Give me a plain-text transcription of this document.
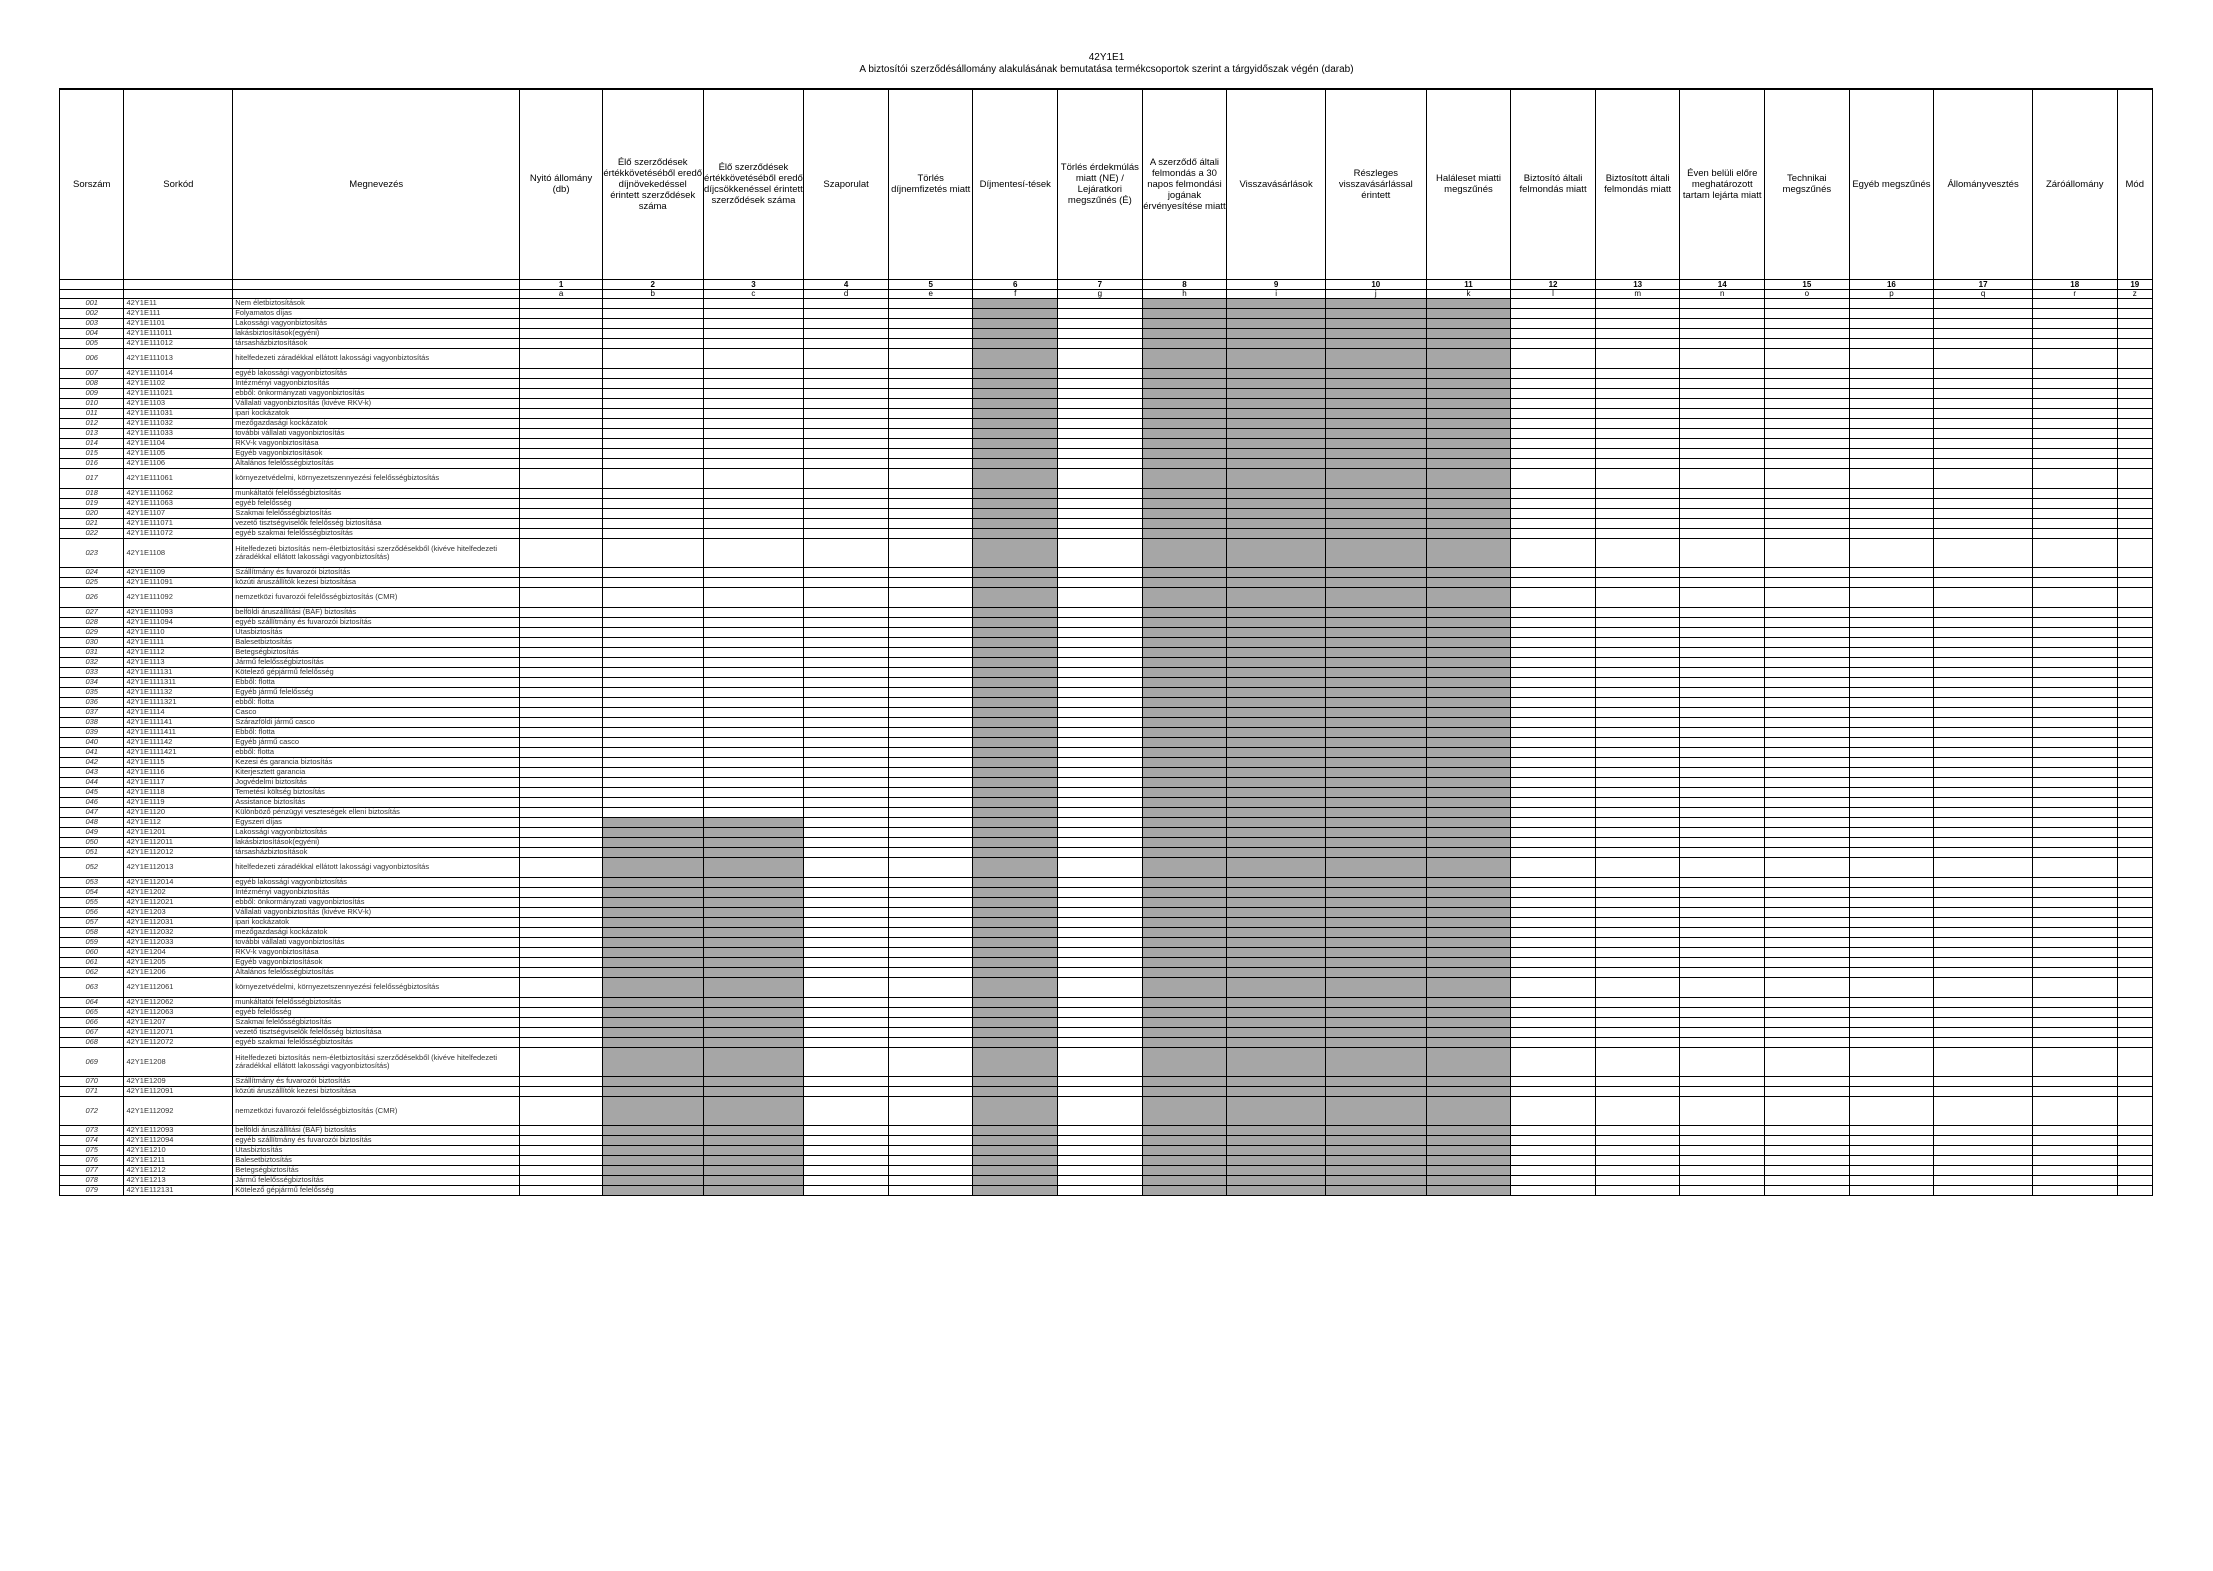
42Y1E1
A biztosítói szerződésállomány alakulásának bemutatása termékcsoportok szerint a tárgyidőszak végén (darab)
Sorszám	Sorkód	Megnevezés	Nyitó állomány (db)	Élő szerződések értékkövetéséből eredő díjnövekedéssel érintett szerződések száma	Élő szerződések értékkövetéséből eredő díjcsökkenéssel érintett szerződések száma	Szaporulat	Törlés díjnemfizetés miatt	Díjmentesí-tések	Törlés érdekmúlás miatt (NE) / Lejáratkori megszűnés (É)	A szerződő általi felmondás a 30 napos felmondási jogának érvényesítése miatt	Visszavásárlások	Részleges visszavásárlással érintett	Haláleset miatti megszűnés	Biztosító általi felmondás miatt	Biztosított általi felmondás miatt	Éven belüli előre meghatározott tartam lejárta miatt	Technikai megszűnés	Egyéb megszűnés	Állományvesztés	Záróállomány	Mód
			1	2	3	4	5	6	7	8	9	10	11	12	13	14	15	16	17	18	19
			a	b	c	d	e	f	g	h	i	j	k	l	m	n	o	p	q	r	z
001	42Y1E11	Nem életbiztosítások																			
002	42Y1E111	Folyamatos díjas																			
003	42Y1E1101	Lakossági vagyonbiztosítás																			
004	42Y1E111011	lakásbiztosítások(egyéni)																			
005	42Y1E111012	társasházbiztosítások																			
006	42Y1E111013	hitelfedezeti záradékkal ellátott lakossági vagyonbiztosítás																			
007	42Y1E111014	egyéb lakossági vagyonbiztosítás																			
008	42Y1E1102	Intézményi vagyonbiztosítás																			
009	42Y1E111021	ebből: önkormányzati vagyonbiztosítás																			
010	42Y1E1103	Vállalati vagyonbiztosítás (kivéve RKV-k)																			
011	42Y1E111031	ipari kockázatok																			
012	42Y1E111032	mezőgazdasági kockázatok																			
013	42Y1E111033	további vállalati vagyonbiztosítás																			
014	42Y1E1104	RKV-k vagyonbiztosítása																			
015	42Y1E1105	Egyéb vagyonbiztosítások																			
016	42Y1E1106	Általános felelősségbiztosítás																			
017	42Y1E111061	környezetvédelmi, környezetszennyezési felelősségbiztosítás																			
018	42Y1E111062	munkáltatói felelősségbiztosítás																			
019	42Y1E111063	egyéb felelősség																			
020	42Y1E1107	Szakmai felelősségbiztosítás																			
021	42Y1E111071	vezető tisztségviselők felelősség biztosítása																			
022	42Y1E111072	egyéb szakmai felelősségbiztosítás																			
023	42Y1E1108	Hitelfedezeti biztosítás nem-életbiztosítási szerződésekből (kivéve hitelfedezeti záradékkal ellátott lakossági vagyonbiztosítás)																			
024	42Y1E1109	Szállítmány és fuvarozói biztosítás																			
025	42Y1E111091	közúti áruszállítók kezesi biztosítása																			
026	42Y1E111092	nemzetközi fuvarozói felelősségbiztosítás (CMR)																			
027	42Y1E111093	belföldi áruszállítási (BÁF) biztosítás																			
028	42Y1E111094	egyéb szállítmány és fuvarozói biztosítás																			
029	42Y1E1110	Utasbiztosítás																			
030	42Y1E1111	Balesetbiztosítás																			
031	42Y1E1112	Betegségbiztosítás																			
032	42Y1E1113	Jármű felelősségbiztosítás																			
033	42Y1E111131	Kötelező gépjármű felelősség																			
034	42Y1E1111311	Ebből: flotta																			
035	42Y1E111132	Egyéb jármű felelősség																			
036	42Y1E1111321	ebből: flotta																			
037	42Y1E1114	Casco																			
038	42Y1E111141	Szárazföldi jármű casco																			
039	42Y1E1111411	Ebből: flotta																			
040	42Y1E111142	Egyéb jármű casco																			
041	42Y1E1111421	ebből: flotta																			
042	42Y1E1115	Kezesi és garancia biztosítás																			
043	42Y1E1116	Kiterjesztett garancia																			
044	42Y1E1117	Jogvédelmi biztosítás																			
045	42Y1E1118	Temetési költség biztosítás																			
046	42Y1E1119	Assistance biztosítás																			
047	42Y1E1120	Különböző pénzügyi veszteségek elleni biztosítás																			
048	42Y1E112	Egyszeri díjas																			
049	42Y1E1201	Lakossági vagyonbiztosítás																			
050	42Y1E112011	lakásbiztosítások(egyéni)																			
051	42Y1E112012	társasházbiztosítások																			
052	42Y1E112013	hitelfedezeti záradékkal ellátott lakossági vagyonbiztosítás																			
053	42Y1E112014	egyéb lakossági vagyonbiztosítás																			
054	42Y1E1202	Intézményi vagyonbiztosítás																			
055	42Y1E112021	ebből: önkormányzati vagyonbiztosítás																			
056	42Y1E1203	Vállalati vagyonbiztosítás (kivéve RKV-k)																			
057	42Y1E112031	ipari kockázatok																			
058	42Y1E112032	mezőgazdasági kockázatok																			
059	42Y1E112033	további vállalati vagyonbiztosítás																			
060	42Y1E1204	RKV-k vagyonbiztosítása																			
061	42Y1E1205	Egyéb vagyonbiztosítások																			
062	42Y1E1206	Általános felelősségbiztosítás																			
063	42Y1E112061	környezetvédelmi, környezetszennyezési felelősségbiztosítás																			
064	42Y1E112062	munkáltatói felelősségbiztosítás																			
065	42Y1E112063	egyéb felelősség																			
066	42Y1E1207	Szakmai felelősségbiztosítás																			
067	42Y1E112071	vezető tisztségviselők felelősség biztosítása																			
068	42Y1E112072	egyéb szakmai felelősségbiztosítás																			
069	42Y1E1208	Hitelfedezeti biztosítás nem-életbiztosítási szerződésekből (kivéve hitelfedezeti záradékkal ellátott lakossági vagyonbiztosítás)																			
070	42Y1E1209	Szállítmány és fuvarozói biztosítás																			
071	42Y1E112091	közúti áruszállítók kezesi biztosítása																			
072	42Y1E112092	nemzetközi fuvarozói felelősségbiztosítás (CMR)																			
073	42Y1E112093	belföldi áruszállítási (BÁF) biztosítás																			
074	42Y1E112094	egyéb szállítmány és fuvarozói biztosítás																			
075	42Y1E1210	Utasbiztosítás																			
076	42Y1E1211	Balesetbiztosítás																			
077	42Y1E1212	Betegségbiztosítás																			
078	42Y1E1213	Jármű felelősségbiztosítás																			
079	42Y1E112131	Kötelező gépjármű felelősség																			
